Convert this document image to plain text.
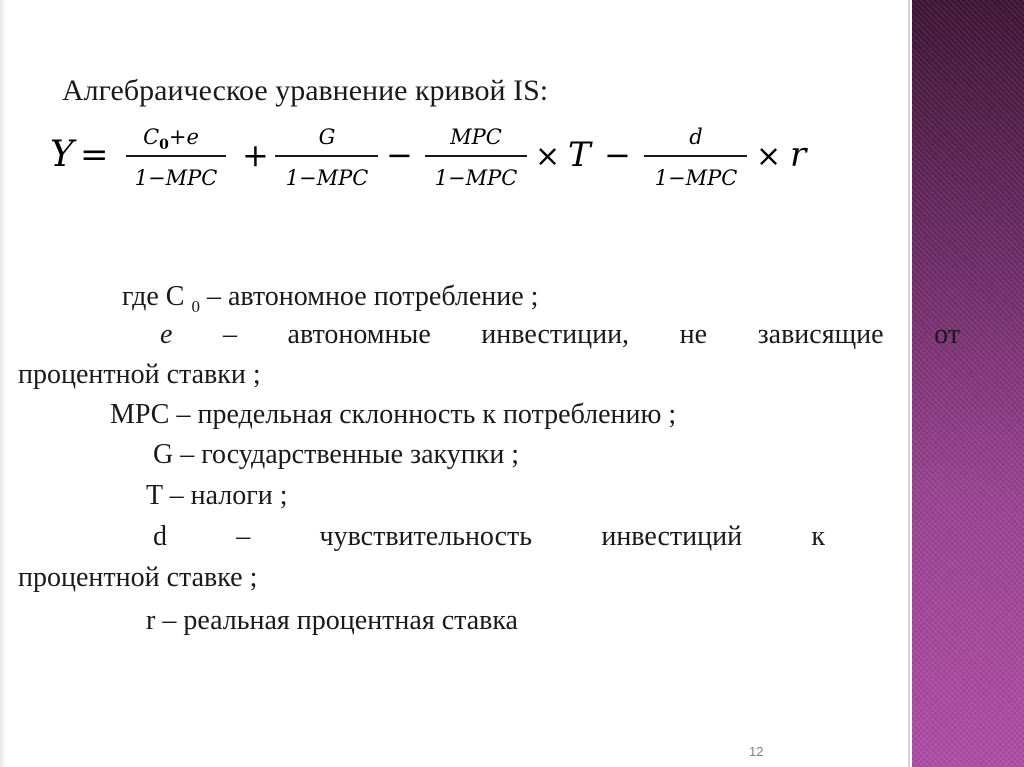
Алгебраическое уравнение кривой IS:
$Y = C_0+e$
1−MPC
+ G
1−MPC
− MPC
1−MPC
× T −	d
1−MPC
× r
где С $_0$ – автономное потребление ;
e – автономные инвестиции, не зависящие от
процентной ставки ;
МРС – предельная склонность к потреблению ;
G – государственные закупки ;
T – налоги ;
d – чувствительность инвестиций к
процентной ставке ;
r – реальная процентная ставка
12
